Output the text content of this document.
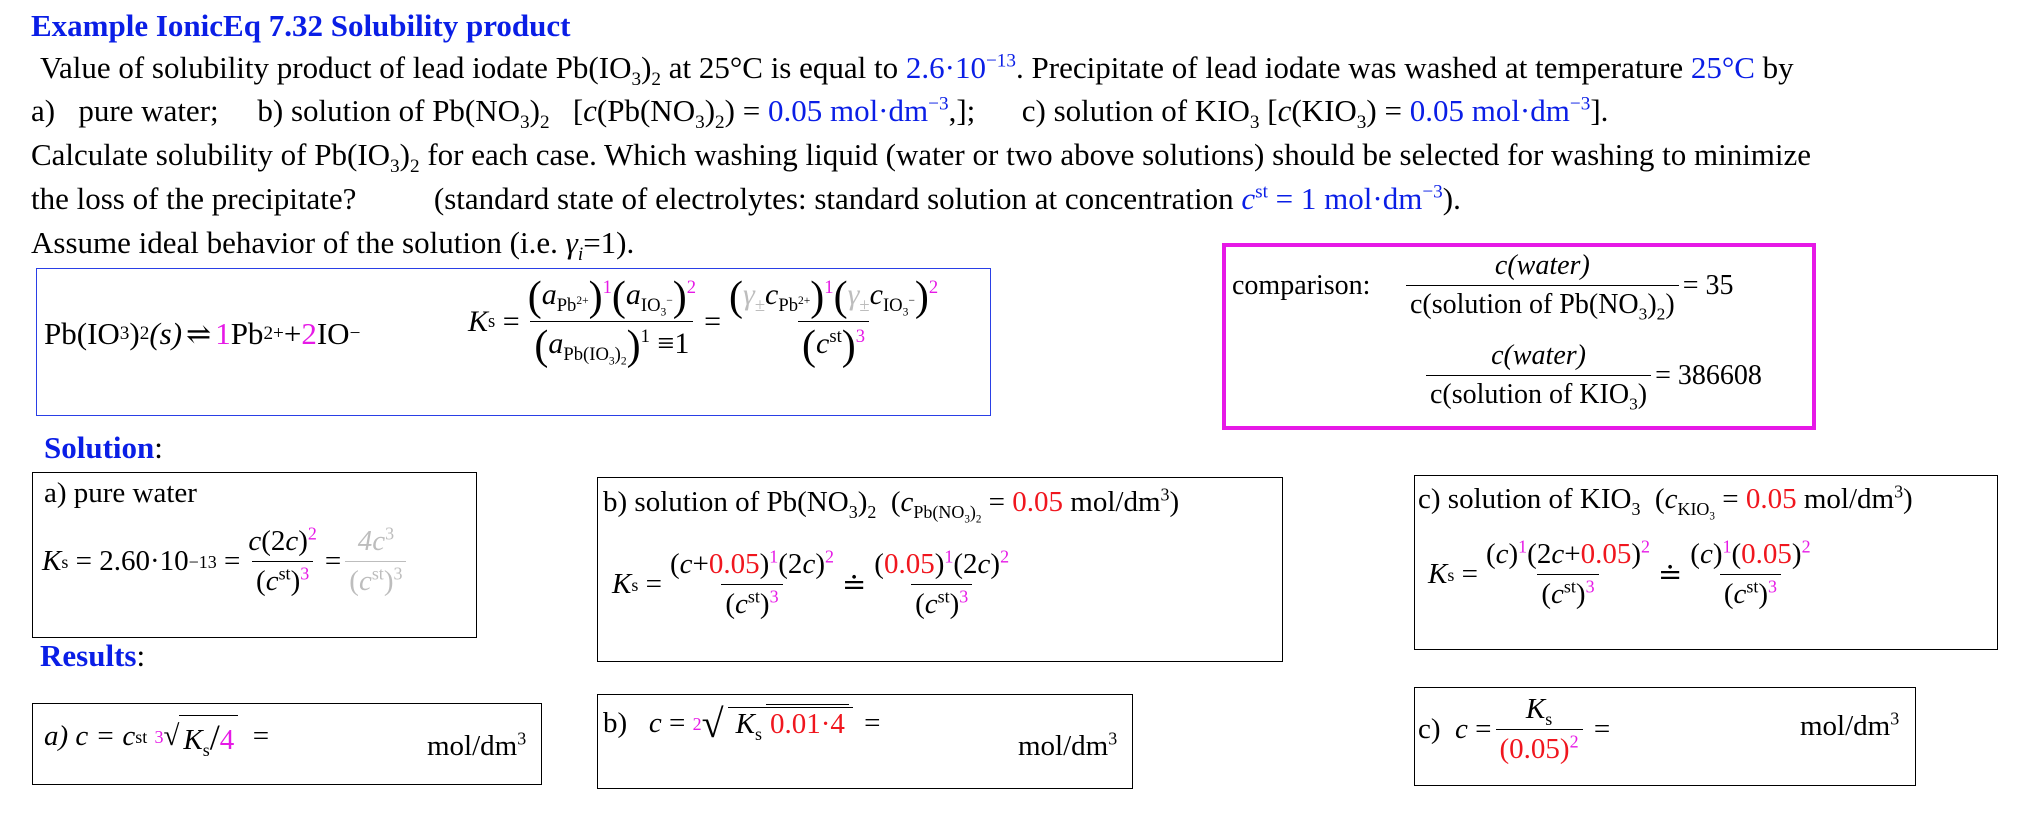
Example IonicEq 7.32 Solubility product
Value of solubility product of lead iodate $Pb(IO_3)_2$ at 25°C is equal to $2.6\cdot 10^{-13}$. Precipitate of lead iodate was washed at temperature 25°C by
a) pure water; b) solution of $Pb(NO_3)_2$ [$c(Pb(NO_3)_2) = 0.05$ $mol\cdot dm^{-3}$,]; c) solution of $KIO_3$ [$c(KIO_3) = 0.05$ $mol\cdot dm^{-3}$].
Calculate solubility of $Pb(IO_3)_2$ for each case. Which washing liquid (water or two above solutions) should be selected for washing to minimize
the loss of the precipitate?	(standard state of electrolytes: standard solution at concentration $c^{st} = 1$ $mol\cdot dm^{-3}$).
Assume ideal behavior of the solution (i.e. $\gamma_i=1$).
Pb(IO 3 ) 2 (s) ⇌ 1 Pb 2+ + 2 IO −	K $s = \frac{(a_{Pb^{2+}})^1(a_{IO_3^-})^2}{(a_{Pb(IO_3)_2})^1 \equiv 1} = \frac{(\gamma_\pm c_{Pb^{2+}})^1(\gamma_\pm c_{IO_3^-})^2}{(c^{st})^3}$	comparison: $\frac{\text{c(water)}}{c(solution of Pb(NO_3)_2)} = 35$
$\frac{\text{c(water)}}{c(solution of KIO_3)} = 386608$
Solution:
a) pure water
K s
= $2.60\cdot 10 -13 = \frac{c(2c)^2}{(c^{st})^3} = \frac{4c^3}{(c^{st})^3}$
Results:
a) c = c st
3 √ $K_s/4$ =	mol/$dm^3$
b) solution of $Pb(NO_3)_2$  ($c_{Pb(NO_3)_2} = 0.05$ mol/$dm^3$)
K $s = \frac{(c+0.05)^1(2c)^2}{(c^{st})^3}$ ≐ $\frac{(0.05)^1(2c)^2}{(c^{st})^3}$
b)
c = 2 √ $K_s$ 0.01·4 =
mol/$dm^3$
c) solution of $KIO_3$  ($c_{KIO_3} = 0.05$ mol/$dm^3$)
K $s = \frac{(c)^1(2c+0.05)^2}{(c^{st})^3}$ ≐ $\frac{(c)^1(0.05)^2}{(c^{st})^3}$
c)
$c = \frac{K_s}{(0.05)^2}$ =	mol/$dm^3$
